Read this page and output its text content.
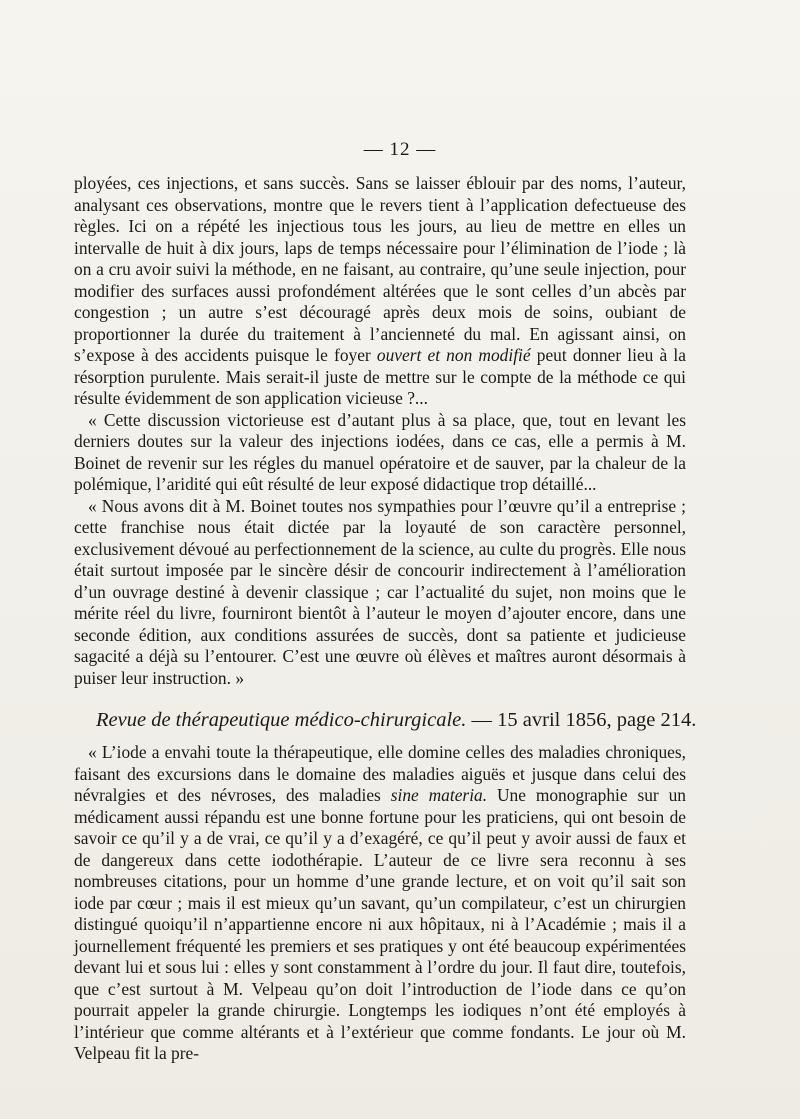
— 12 —

ployées, ces injections, et sans succès. Sans se laisser éblouir par des noms, l’auteur, analysant ces observations, montre que le revers tient à l’application defectueuse des règles. Ici on a répété les injectious tous les jours, au lieu de mettre en elles un intervalle de huit à dix jours, laps de temps nécessaire pour l’élimination de l’iode ; là on a cru avoir suivi la méthode, en ne faisant, au contraire, qu’une seule injection, pour modifier des surfaces aussi profondément altérées que le sont celles d’un abcès par congestion ; un autre s’est découragé après deux mois de soins, oubiant de proportionner la durée du traitement à l’ancienneté du mal. En agissant ainsi, on s’expose à des accidents puisque le foyer ouvert et non modifié peut donner lieu à la résorption purulente. Mais serait-il juste de mettre sur le compte de la méthode ce qui résulte évidemment de son application vicieuse ?...

« Cette discussion victorieuse est d’autant plus à sa place, que, tout en levant les derniers doutes sur la valeur des injections iodées, dans ce cas, elle a permis à M. Boinet de revenir sur les régles du manuel opératoire et de sauver, par la chaleur de la polémique, l’aridité qui eût résulté de leur exposé didactique trop détaillé...

« Nous avons dit à M. Boinet toutes nos sympathies pour l’œuvre qu’il a entreprise ; cette franchise nous était dictée par la loyauté de son caractère personnel, exclusivement dévoué au perfectionnement de la science, au culte du progrès. Elle nous était surtout imposée par le sincère désir de concourir indirectement à l’amélioration d’un ouvrage destiné à devenir classique ; car l’actualité du sujet, non moins que le mérite réel du livre, fourniront bientôt à l’auteur le moyen d’ajouter encore, dans une seconde édition, aux conditions assurées de succès, dont sa patiente et judicieuse sagacité a déjà su l’entourer. C’est une œuvre où élèves et maîtres auront désormais à puiser leur instruction. »

Revue de thérapeutique médico-chirurgicale. — 15 avril 1856, page 214.

« L’iode a envahi toute la thérapeutique, elle domine celles des maladies chroniques, faisant des excursions dans le domaine des maladies aiguës et jusque dans celui des névralgies et des névroses, des maladies sine materia. Une monographie sur un médicament aussi répandu est une bonne fortune pour les praticiens, qui ont besoin de savoir ce qu’il y a de vrai, ce qu’il y a d’exagéré, ce qu’il peut y avoir aussi de faux et de dangereux dans cette iodothérapie. L’auteur de ce livre sera reconnu à ses nombreuses citations, pour un homme d’une grande lecture, et on voit qu’il sait son iode par cœur ; mais il est mieux qu’un savant, qu’un compilateur, c’est un chirurgien distingué quoiqu’il n’appartienne encore ni aux hôpitaux, ni à l’Académie ; mais il a journellement fréquenté les premiers et ses pratiques y ont été beaucoup expérimentées devant lui et sous lui : elles y sont constamment à l’ordre du jour. Il faut dire, toutefois, que c’est surtout à M. Velpeau qu’on doit l’introduction de l’iode dans ce qu’on pourrait appeler la grande chirurgie. Longtemps les iodiques n’ont été employés à l’intérieur que comme altérants et à l’extérieur que comme fondants. Le jour où M. Velpeau fit la pre-
